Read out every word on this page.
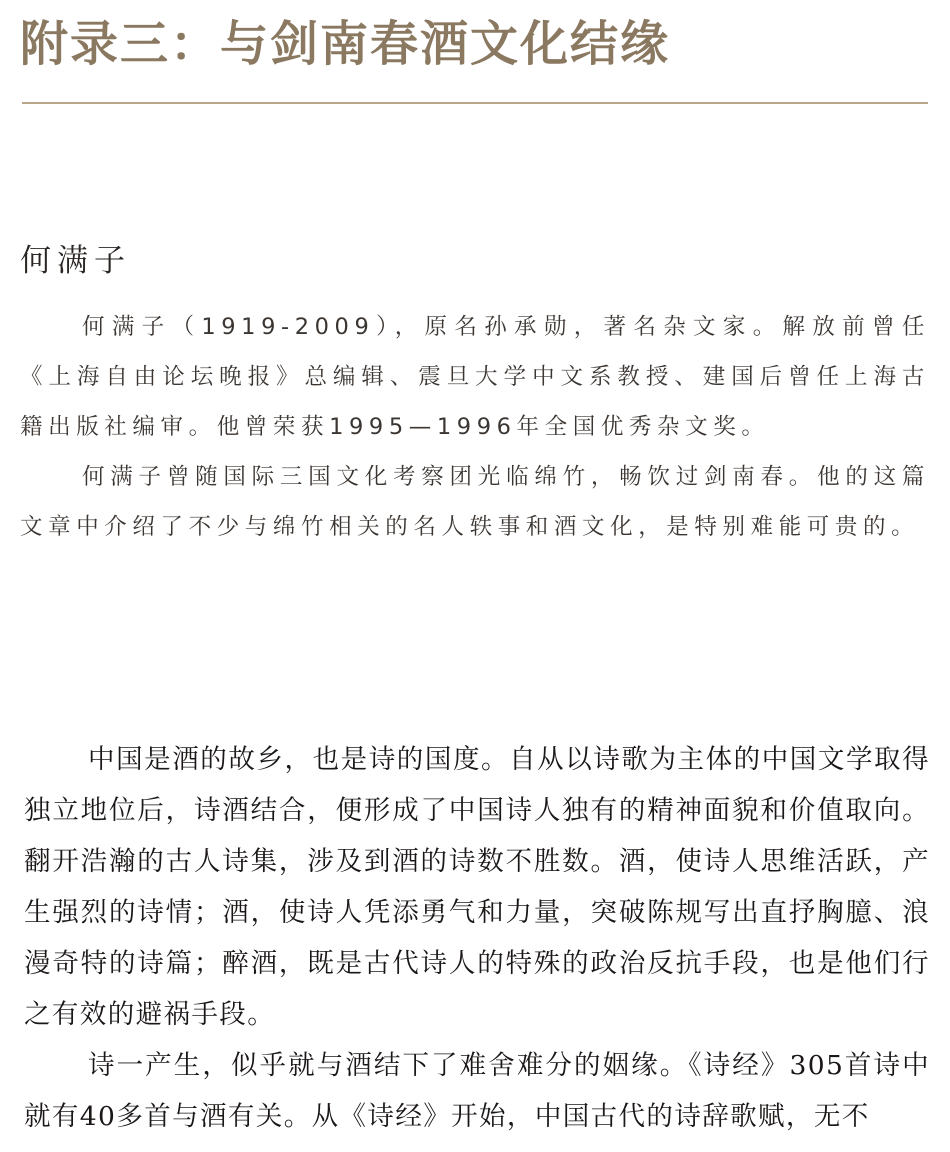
附录三：与剑南春酒文化结缘
何满子

何满子（1919-2009），原名孙承勋，著名杂文家。解放前曾任《上海自由论坛晚报》总编辑、震旦大学中文系教授、建国后曾任上海古籍出版社编审。他曾荣获1995—1996年全国优秀杂文奖。

何满子曾随国际三国文化考察团光临绵竹，畅饮过剑南春。他的这篇文章中介绍了不少与绵竹相关的名人轶事和酒文化，是特别难能可贵的。

中国是酒的故乡，也是诗的国度。自从以诗歌为主体的中国文学取得独立地位后，诗酒结合，便形成了中国诗人独有的精神面貌和价值取向。 翻开浩瀚的古人诗集，涉及到酒的诗数不胜数。酒，使诗人思维活跃，产生强烈的诗情；酒，使诗人凭添勇气和力量，突破陈规写出直抒胸臆、浪漫奇特的诗篇；醉酒，既是古代诗人的特殊的政治反抗手段，也是他们行之有效的避祸手段。

诗一产生，似乎就与酒结下了难舍难分的姻缘。《诗经》305首诗中就有40多首与酒有关。从《诗经》开始，中国古代的诗辞歌赋，无不
